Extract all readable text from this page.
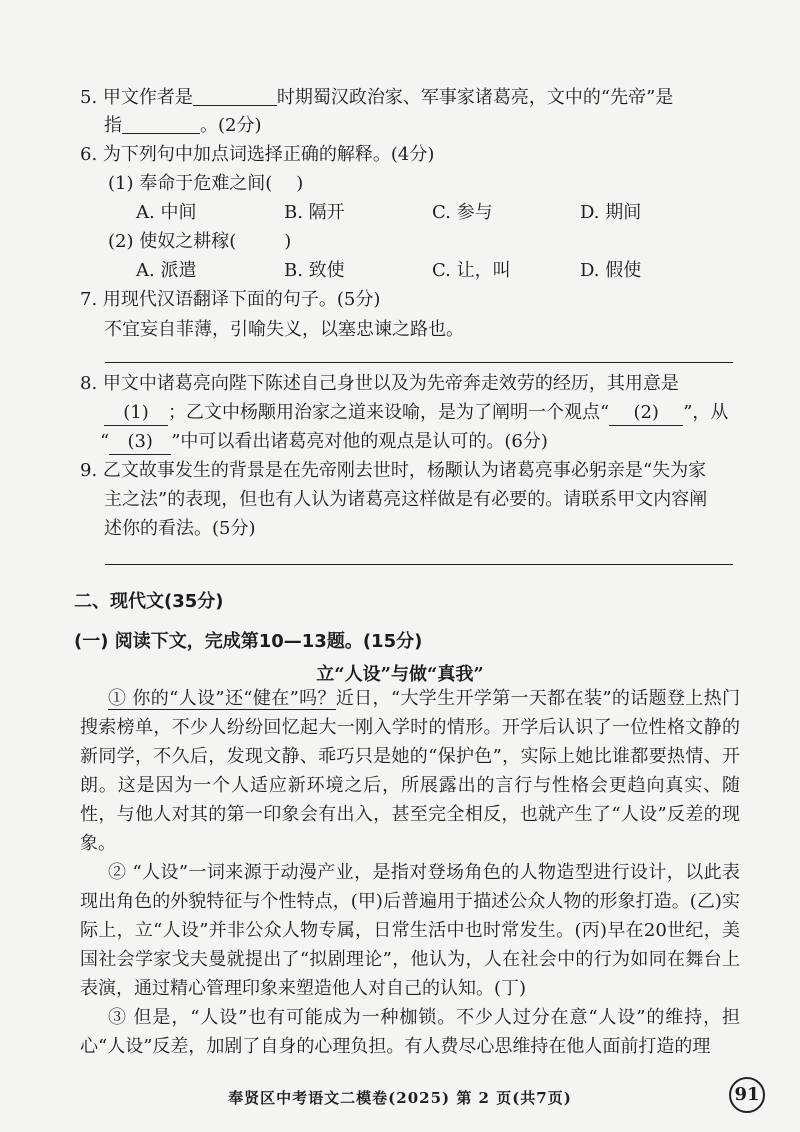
5. 甲文作者是	时期蜀汉政治家、军事家诸葛亮，文中的“先帝”是
指	。(2分)
6. 为下列句中加点词选择正确的解释。(4分)
(1) 奉命于危难之间( )
A. 中间	B. 隔开	C. 参与	D. 期间
(2) 使奴之耕稼(	)
A. 派遣	B. 致使	C. 让，叫	D. 假使
7. 用现代汉语翻译下面的句子。(5分)
不宜妄自菲薄，引喻失义，以塞忠谏之路也。
8. 甲文中诸葛亮向陛下陈述自己身世以及为先帝奔走效劳的经历，其用意是
(1) ；乙文中杨颙用治家之道来设喻，是为了阐明一个观点“ (2) ”，从
“ (3) ”中可以看出诸葛亮对他的观点是认可的。(6分)
9. 乙文故事发生的背景是在先帝刚去世时，杨颙认为诸葛亮事必躬亲是“失为家
主之法”的表现，但也有人认为诸葛亮这样做是有必要的。请联系甲文内容阐
述你的看法。(5分)
二、现代文(35分)
(一) 阅读下文，完成第10—13题。(15分)
立“人设”与做“真我”
① 你的“人设”还“健在”吗？近日，“大学生开学第一天都在装”的话题登上热门搜索榜单，不少人纷纷回忆起大一刚入学时的情形。开学后认识了一位性格文静的新同学，不久后，发现文静、乖巧只是她的“保护色”，实际上她比谁都要热情、开朗。这是因为一个人适应新环境之后，所展露出的言行与性格会更趋向真实、随性，与他人对其的第一印象会有出入，甚至完全相反，也就产生了“人设”反差的现象。
② “人设”一词来源于动漫产业，是指对登场角色的人物造型进行设计，以此表现出角色的外貌特征与个性特点，(甲)后普遍用于描述公众人物的形象打造。(乙)实际上，立“人设”并非公众人物专属，日常生活中也时常发生。(丙)早在20世纪，美国社会学家戈夫曼就提出了“拟剧理论”，他认为，人在社会中的行为如同在舞台上表演，通过精心管理印象来塑造他人对自己的认知。(丁)
③ 但是，“人设”也有可能成为一种枷锁。不少人过分在意“人设”的维持，担心“人设”反差，加剧了自身的心理负担。有人费尽心思维持在他人面前打造的理
奉贤区中考语文二模卷(2025) 第 2 页(共7页)	91
